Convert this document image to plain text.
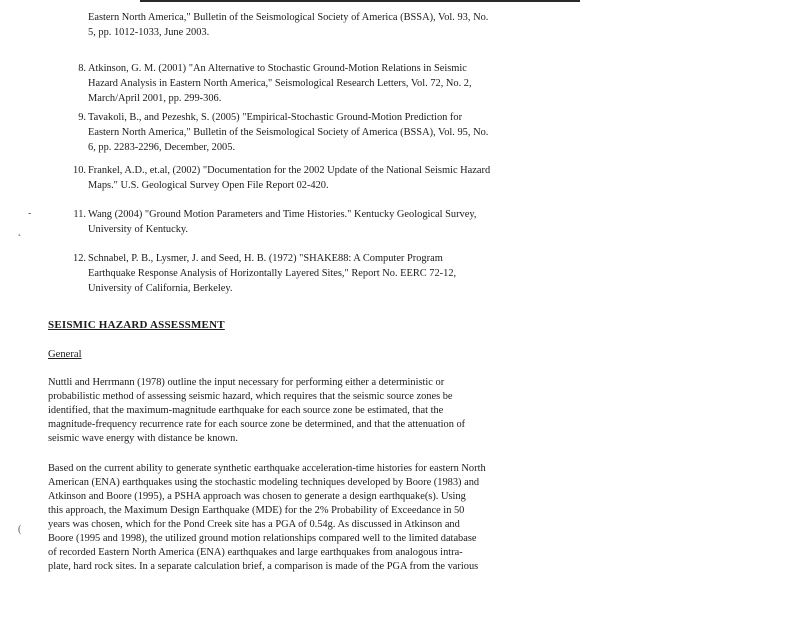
Eastern North America," Bulletin of the Seismological Society of America (BSSA), Vol. 93, No.
5, pp. 1012-1033, June 2003.
8. Atkinson, G. M. (2001) "An Alternative to Stochastic Ground-Motion Relations in Seismic
Hazard Analysis in Eastern North America," Seismological Research Letters, Vol. 72, No. 2,
March/April 2001, pp. 299-306.
9. Tavakoli, B., and Pezeshk, S. (2005) "Empirical-Stochastic Ground-Motion Prediction for
Eastern North America," Bulletin of the Seismological Society of America (BSSA), Vol. 95, No.
6, pp. 2283-2296, December, 2005.
10. Frankel, A.D., et.al, (2002) "Documentation for the 2002 Update of the National Seismic Hazard
Maps." U.S. Geological Survey Open File Report 02-420.
11. Wang (2004) "Ground Motion Parameters and Time Histories." Kentucky Geological Survey,
University of Kentucky.
12. Schnabel, P. B., Lysmer, J. and Seed, H. B. (1972) "SHAKE88: A Computer Program
Earthquake Response Analysis of Horizontally Layered Sites," Report No. EERC 72-12,
University of California, Berkeley.
SEISMIC HAZARD ASSESSMENT
General
Nuttli and Herrmann (1978) outline the input necessary for performing either a deterministic or
probabilistic method of assessing seismic hazard, which requires that the seismic source zones be
identified, that the maximum-magnitude earthquake for each source zone be estimated, that the
magnitude-frequency recurrence rate for each source zone be determined, and that the attenuation of
seismic wave energy with distance be known.
Based on the current ability to generate synthetic earthquake acceleration-time histories for eastern North
American (ENA) earthquakes using the stochastic modeling techniques developed by Boore (1983) and
Atkinson and Boore (1995), a PSHA approach was chosen to generate a design earthquake(s). Using
this approach, the Maximum Design Earthquake (MDE) for the 2% Probability of Exceedance in 50
years was chosen, which for the Pond Creek site has a PGA of 0.54g. As discussed in Atkinson and
Boore (1995 and 1998), the utilized ground motion relationships compared well to the limited database
of recorded Eastern North America (ENA) earthquakes and large earthquakes from analogous intra-
plate, hard rock sites. In a separate calculation brief, a comparison is made of the PGA from the various
-
˛
(
